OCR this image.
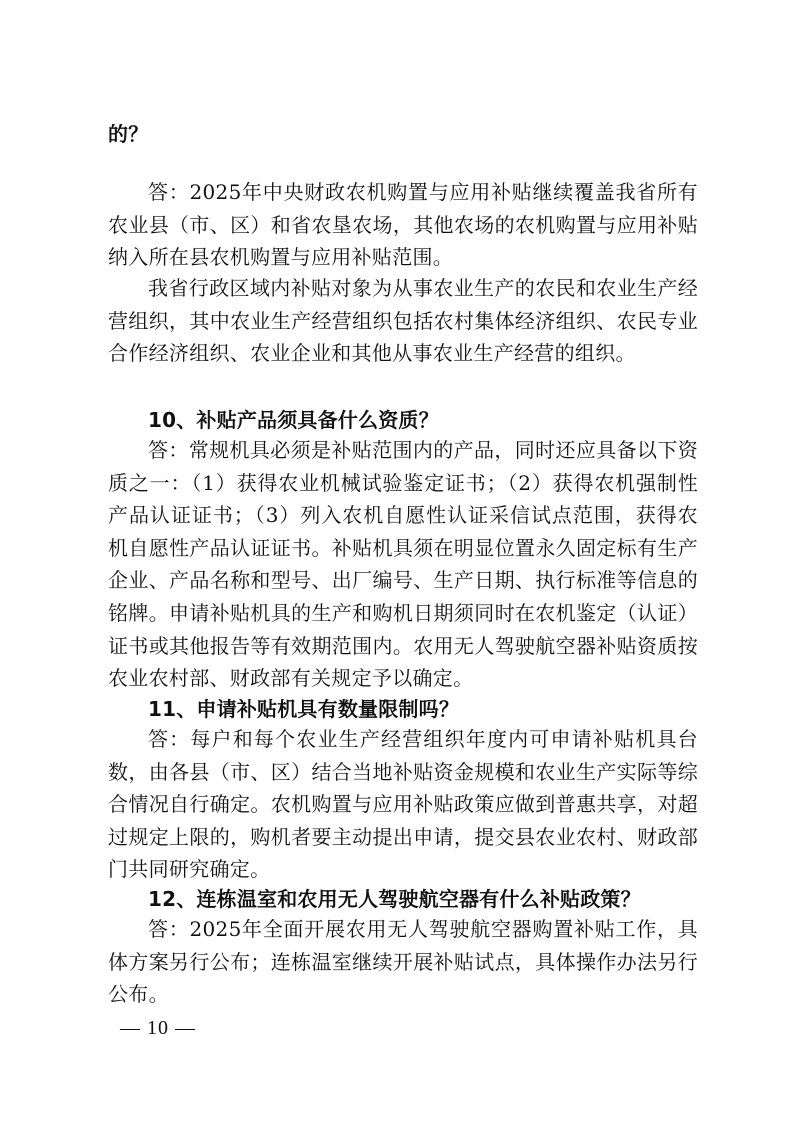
的？

答：2025年中央财政农机购置与应用补贴继续覆盖我省所有农业县（市、区）和省农垦农场，其他农场的农机购置与应用补贴纳入所在县农机购置与应用补贴范围。

我省行政区域内补贴对象为从事农业生产的农民和农业生产经营组织，其中农业生产经营组织包括农村集体经济组织、农民专业合作经济组织、农业企业和其他从事农业生产经营的组织。

10、补贴产品须具备什么资质？

答：常规机具必须是补贴范围内的产品，同时还应具备以下资质之一：（1）获得农业机械试验鉴定证书；（2）获得农机强制性产品认证证书；（3）列入农机自愿性认证采信试点范围，获得农机自愿性产品认证证书。补贴机具须在明显位置永久固定标有生产企业、产品名称和型号、出厂编号、生产日期、执行标准等信息的铭牌。申请补贴机具的生产和购机日期须同时在农机鉴定（认证）证书或其他报告等有效期范围内。农用无人驾驶航空器补贴资质按农业农村部、财政部有关规定予以确定。

11、申请补贴机具有数量限制吗？

答：每户和每个农业生产经营组织年度内可申请补贴机具台数，由各县（市、区）结合当地补贴资金规模和农业生产实际等综合情况自行确定。农机购置与应用补贴政策应做到普惠共享，对超过规定上限的，购机者要主动提出申请，提交县农业农村、财政部门共同研究确定。

12、连栋温室和农用无人驾驶航空器有什么补贴政策？

答：2025年全面开展农用无人驾驶航空器购置补贴工作，具体方案另行公布；连栋温室继续开展补贴试点，具体操作办法另行公布。

— 10 —
